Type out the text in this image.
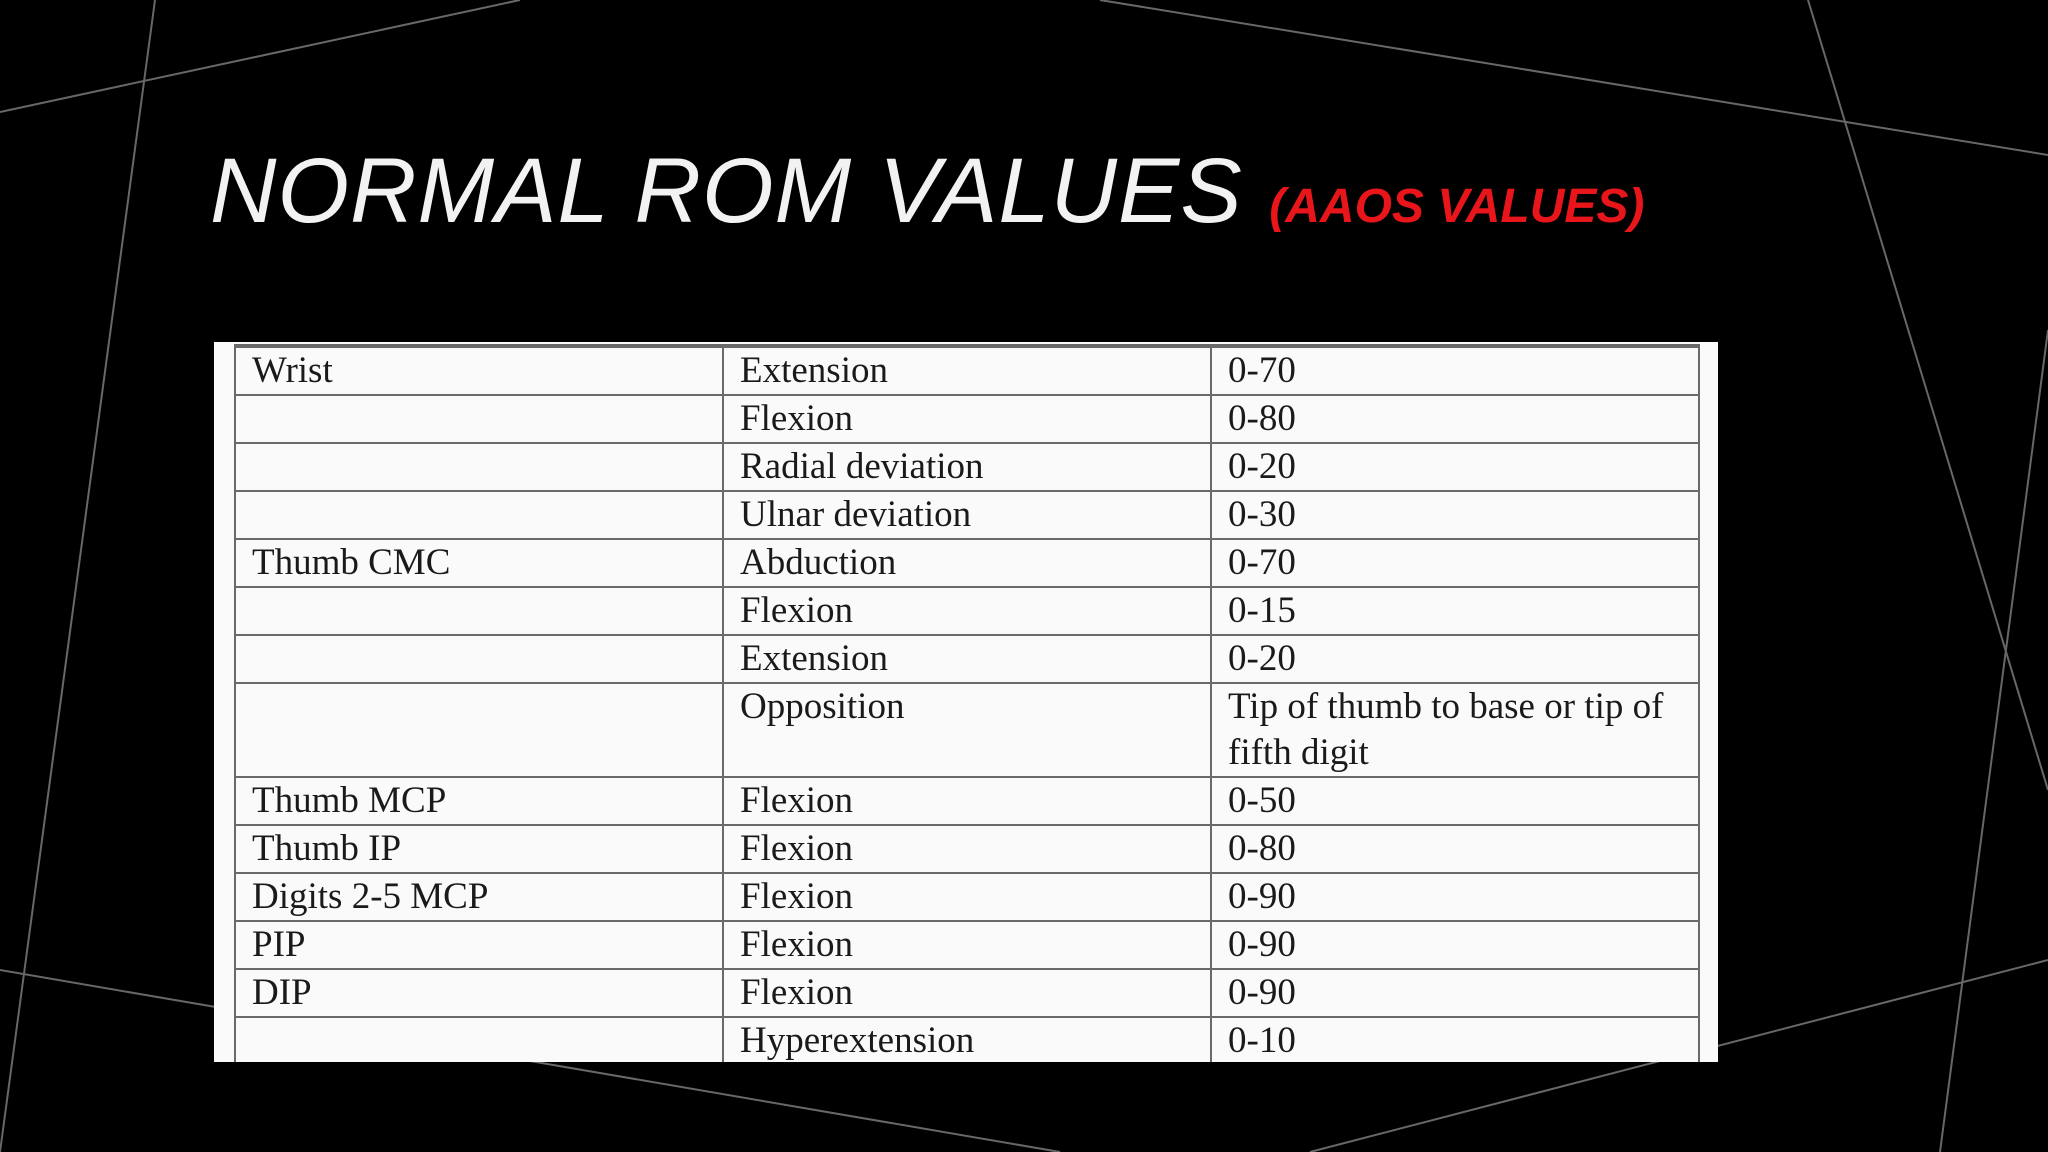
NORMAL ROM VALUES (AAOS VALUES)
Wrist	Extension	0-70
	Flexion	0-80
	Radial deviation	0-20
	Ulnar deviation	0-30
Thumb CMC	Abduction	0-70
	Flexion	0-15
	Extension	0-20
	Opposition	Tip of thumb to base or tip of fifth digit
Thumb MCP	Flexion	0-50
Thumb IP	Flexion	0-80
Digits 2-5 MCP	Flexion	0-90
PIP	Flexion	0-90
DIP	Flexion	0-90
	Hyperextension	0-10
